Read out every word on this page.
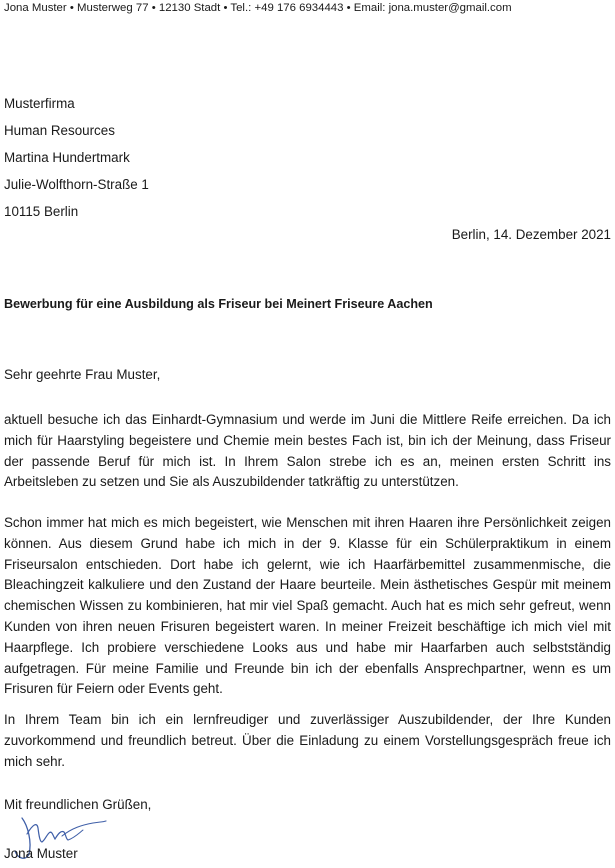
Jona Muster • Musterweg 77 • 12130 Stadt • Tel.: +49 176 6934443 • Email: jona.muster@gmail.com
Musterfirma
Human Resources
Martina Hundertmark
Julie-Wolfthorn-Straße 1
10115 Berlin
Berlin, 14. Dezember 2021
Bewerbung für eine Ausbildung als Friseur bei Meinert Friseure Aachen
Sehr geehrte Frau Muster,
aktuell besuche ich das Einhardt-Gymnasium und werde im Juni die Mittlere Reife erreichen. Da ich mich für Haarstyling begeistere und Chemie mein bestes Fach ist, bin ich der Meinung, dass Friseur der passende Beruf für mich ist. In Ihrem Salon strebe ich es an, meinen ersten Schritt ins Arbeitsleben zu setzen und Sie als Auszubildender tatkräftig zu unterstützen.
Schon immer hat mich es mich begeistert, wie Menschen mit ihren Haaren ihre Persönlichkeit zeigen können. Aus diesem Grund habe ich mich in der 9. Klasse für ein Schülerpraktikum in einem Friseursalon entschieden. Dort habe ich gelernt, wie ich Haarfärbemittel zusammenmische, die Bleachingzeit kalkuliere und den Zustand der Haare beurteile. Mein ästhetisches Gespür mit meinem chemischen Wissen zu kombinieren, hat mir viel Spaß gemacht. Auch hat es mich sehr gefreut, wenn Kunden von ihren neuen Frisuren begeistert waren. In meiner Freizeit beschäftige ich mich viel mit Haarpflege. Ich probiere verschiedene Looks aus und habe mir Haarfarben auch selbstständig aufgetragen. Für meine Familie und Freunde bin ich der ebenfalls Ansprechpartner, wenn es um Frisuren für Feiern oder Events geht.
In Ihrem Team bin ich ein lernfreudiger und zuverlässiger Auszubildender, der Ihre Kunden zuvorkommend und freundlich betreut. Über die Einladung zu einem Vorstellungsgespräch freue ich mich sehr.
Mit freundlichen Grüßen,
Jona Muster
